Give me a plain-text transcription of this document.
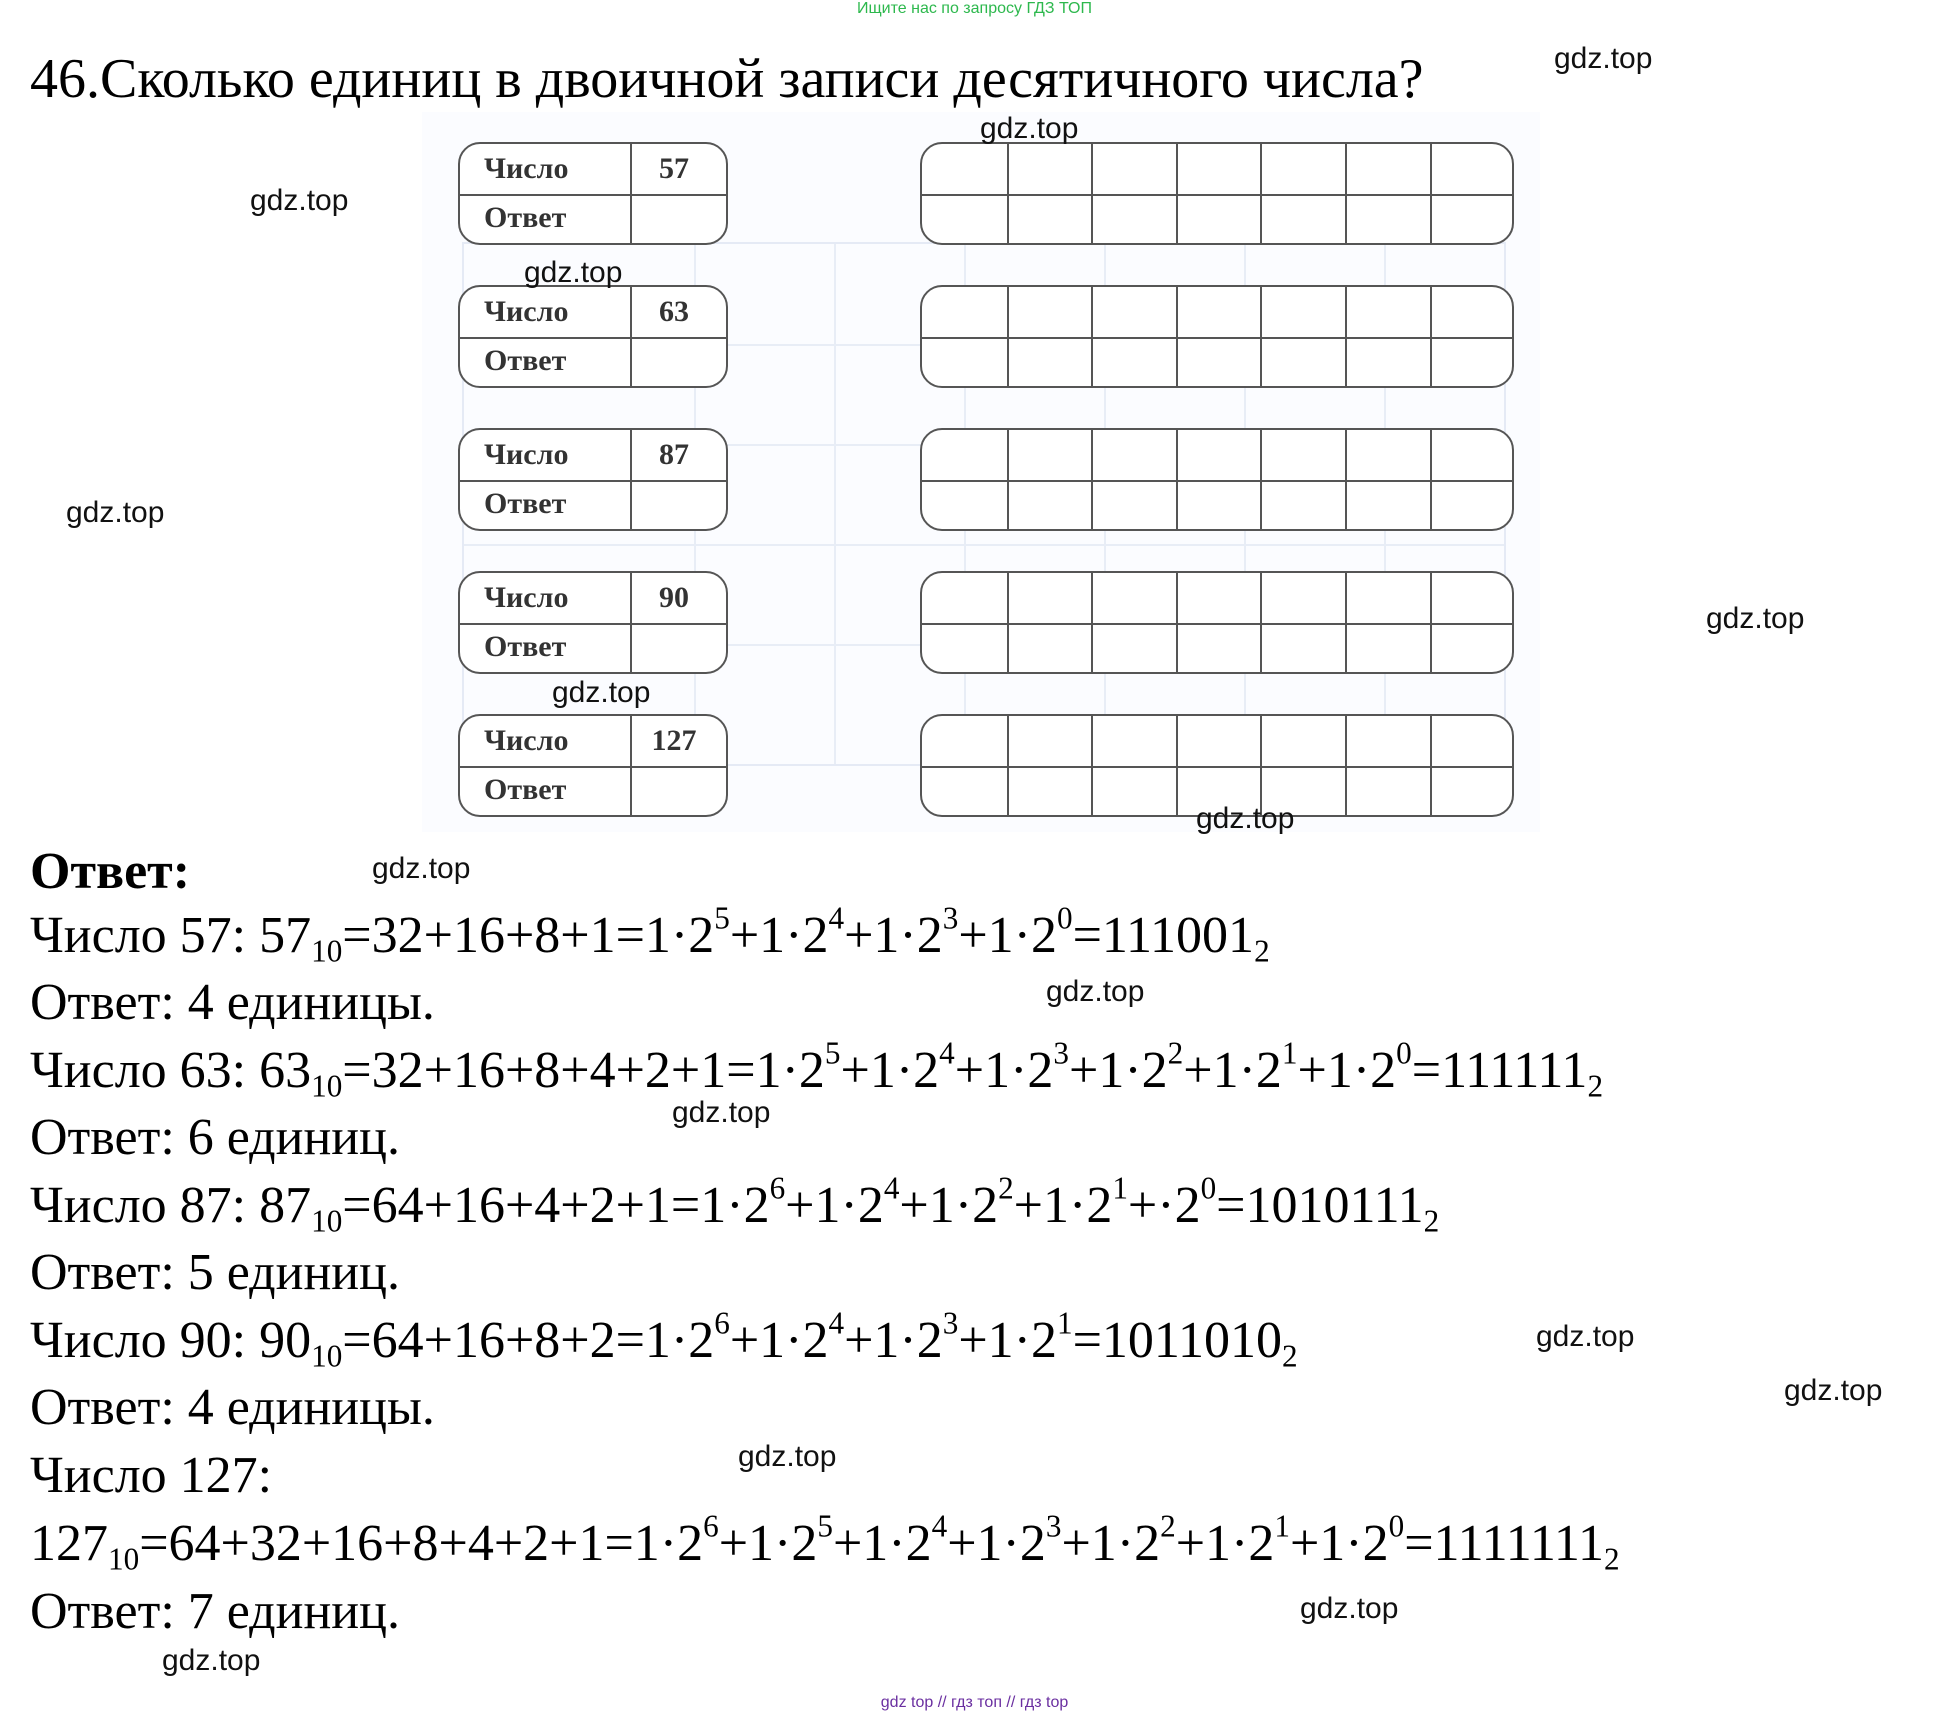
Ищите нас по запросу ГДЗ ТОП
46.Сколько единиц в двоичной записи десятичного числа?
Число
Ответ
57
Число
Ответ
63
Число
Ответ
87
Число
Ответ
90
Число
Ответ
127
Ответ:
Число 57: $57_{10}=32+16+8+1=1\cdot 2^5+1\cdot 2^4+1\cdot 2^3+1\cdot 2^0=111001_2$
Ответ: 4 единицы.
Число 63: $63_{10}=32+16+8+4+2+1=1\cdot 2^5+1\cdot 2^4+1\cdot 2^3+1\cdot 2^2+1\cdot 2^1+1\cdot 2^0=111111_2$
Ответ: 6 единиц.
Число 87: $87_{10}=64+16+4+2+1=1\cdot 2^6+1\cdot 2^4+1\cdot 2^2+1\cdot 2^1+\cdot 2^0=1010111_2$
Ответ: 5 единиц.
Число 90: $90_{10}=64+16+8+2=1\cdot 2^6+1\cdot 2^4+1\cdot 2^3+1\cdot 2^1=1011010_2$
Ответ: 4 единицы.
Число 127:
$127_{10}=64+32+16+8+4+2+1=1\cdot 2^6+1\cdot 2^5+1\cdot 2^4+1\cdot 2^3+1\cdot 2^2+1\cdot 2^1+1\cdot 2^0=1111111_2$
Ответ: 7 единиц.
gdz.top
gdz.top
gdz.top
gdz.top
gdz.top
gdz.top
gdz.top
gdz.top
gdz.top
gdz.top
gdz.top
gdz.top
gdz.top
gdz.top
gdz.top
gdz.top
gdz top // гдз топ // гдз top
